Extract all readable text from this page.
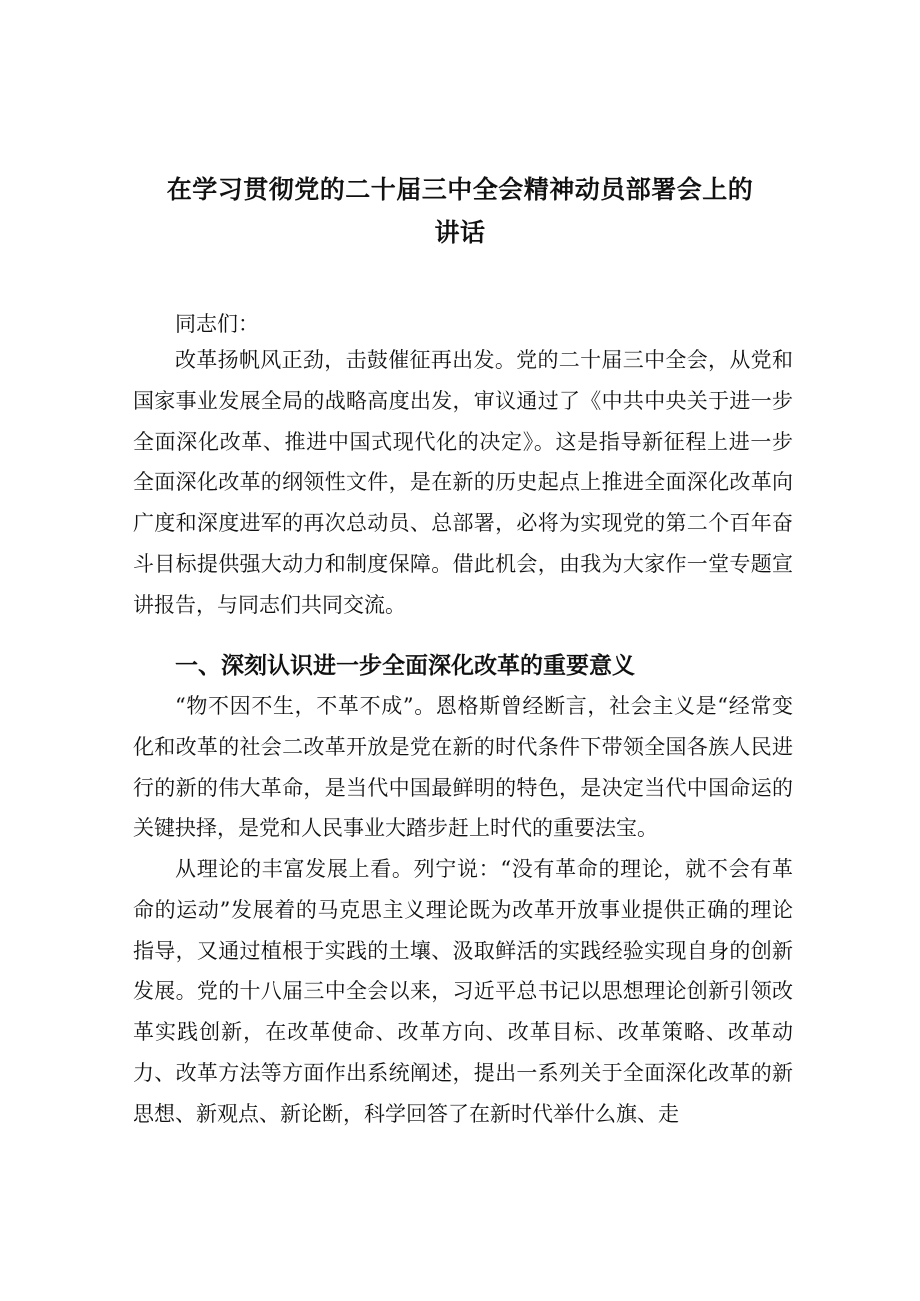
在学习贯彻党的二十届三中全会精神动员部署会上的
讲话

同志们：

改革扬帆风正劲，击鼓催征再出发。党的二十届三中全会，从党和国家事业发展全局的战略高度出发，审议通过了《中共中央关于进一步全面深化改革、推进中国式现代化的决定》。这是指导新征程上进一步全面深化改革的纲领性文件，是在新的历史起点上推进全面深化改革向广度和深度进军的再次总动员、总部署，必将为实现党的第二个百年奋斗目标提供强大动力和制度保障。借此机会，由我为大家作一堂专题宣讲报告，与同志们共同交流。

一、深刻认识进一步全面深化改革的重要意义

“物不因不生，不革不成”。恩格斯曾经断言，社会主义是“经常变化和改革的社会二改革开放是党在新的时代条件下带领全国各族人民进行的新的伟大革命，是当代中国最鲜明的特色，是决定当代中国命运的关键抉择，是党和人民事业大踏步赶上时代的重要法宝。

从理论的丰富发展上看。列宁说：“没有革命的理论，就不会有革命的运动”发展着的马克思主义理论既为改革开放事业提供正确的理论指导，又通过植根于实践的土壤、汲取鲜活的实践经验实现自身的创新发展。党的十八届三中全会以来，习近平总书记以思想理论创新引领改革实践创新，在改革使命、改革方向、改革目标、改革策略、改革动力、改革方法等方面作出系统阐述，提出一系列关于全面深化改革的新思想、新观点、新论断，科学回答了在新时代举什么旗、走
